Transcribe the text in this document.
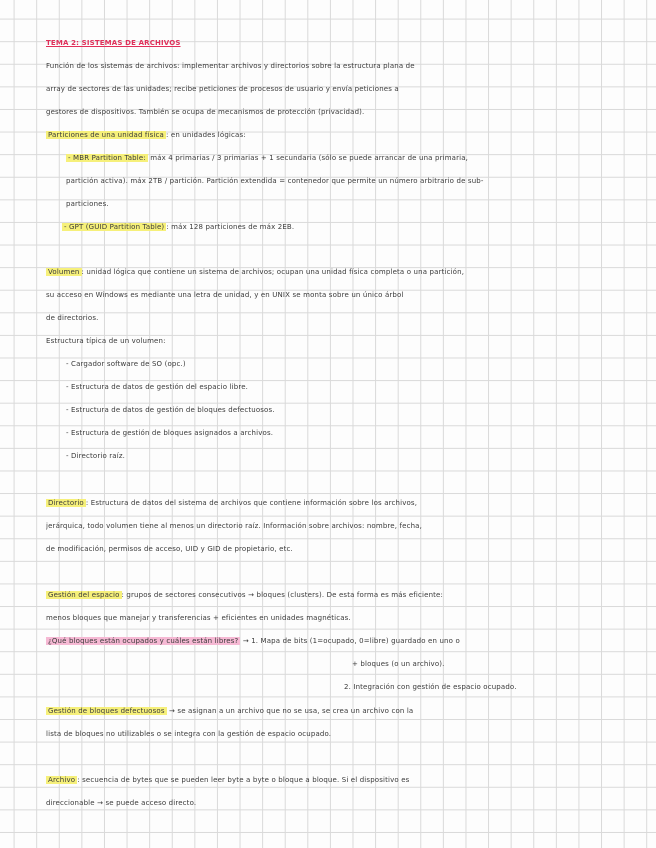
TEMA 2: SISTEMAS DE ARCHIVOS
Función de los sistemas de archivos: implementar archivos y directorios sobre la estructura plana de
array de sectores de las unidades; recibe peticiones de procesos de usuario y envía peticiones a
gestores de dispositivos. También se ocupa de mecanismos de protección (privacidad).
Particiones de una unidad física : en unidades lógicas:
- MBR Partition Table: máx 4 primarias / 3 primarias + 1 secundaria (sólo se puede arrancar de una primaria,
partición activa). máx 2TB / partición. Partición extendida = contenedor que permite un número arbitrario de sub-
particiones.
- GPT (GUID Partition Table) : máx 128 particiones de máx 2EB.
Volumen : unidad lógica que contiene un sistema de archivos; ocupan una unidad física completa o una partición,
su acceso en Windows es mediante una letra de unidad, y en UNIX se monta sobre un único árbol
de directorios.
Estructura típica de un volumen:
- Cargador software de SO (opc.)
- Estructura de datos de gestión del espacio libre.
- Estructura de datos de gestión de bloques defectuosos.
- Estructura de gestión de bloques asignados a archivos.
- Directorio raíz.
Directorio : Estructura de datos del sistema de archivos que contiene información sobre los archivos,
jerárquica, todo volumen tiene al menos un directorio raíz. Información sobre archivos: nombre, fecha,
de modificación, permisos de acceso, UID y GID de propietario, etc.
Gestión del espacio : grupos de sectores consecutivos → bloques (clusters). De esta forma es más eficiente:
menos bloques que manejar y transferencias + eficientes en unidades magnéticas.
¿Qué bloques están ocupados y cuáles están libres? → 1. Mapa de bits (1=ocupado, 0=libre) guardado en uno o
+ bloques (o un archivo).
2. Integración con gestión de espacio ocupado.
Gestión de bloques defectuosos → se asignan a un archivo que no se usa, se crea un archivo con la
lista de bloques no utilizables o se integra con la gestión de espacio ocupado.
Archivo : secuencia de bytes que se pueden leer byte a byte o bloque a bloque. Si el dispositivo es
direccionable → se puede acceso directo.
